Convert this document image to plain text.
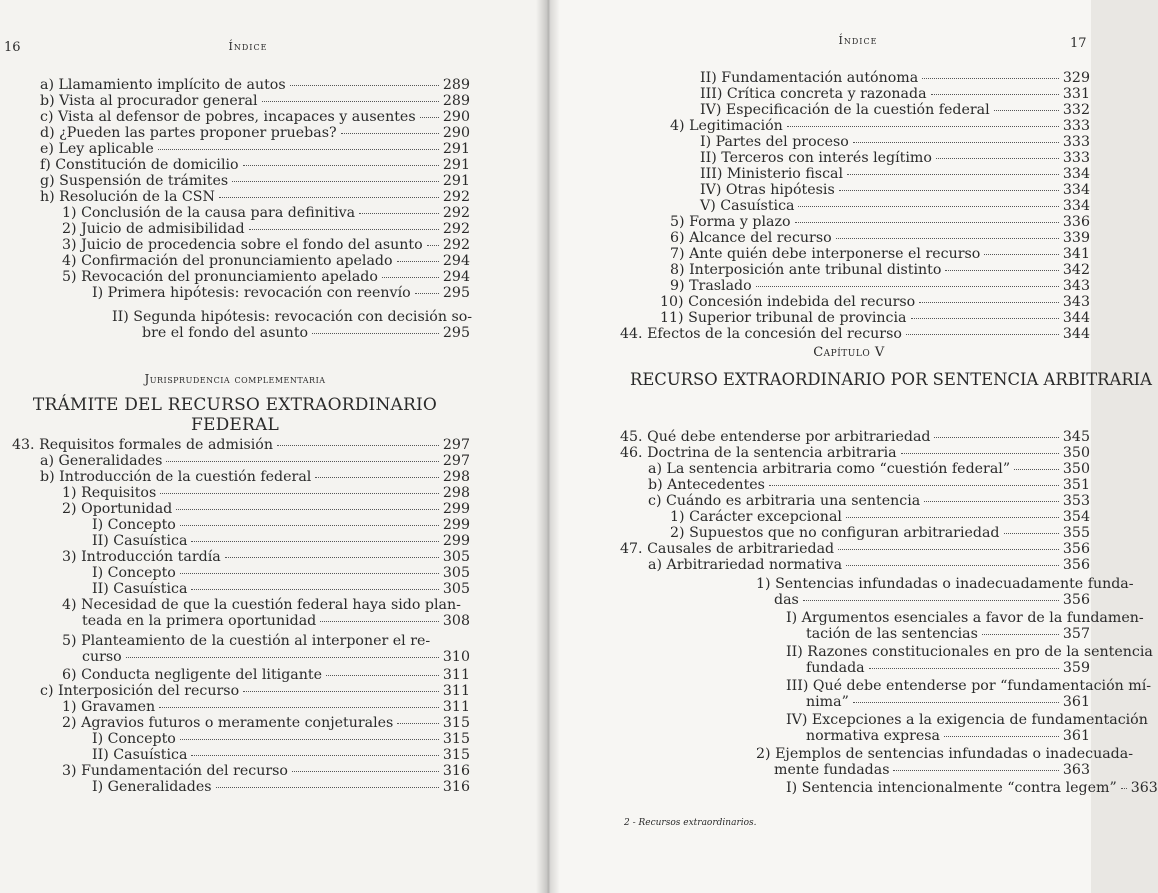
16	Índice
a) Llamamiento implícito de autos	289
b) Vista al procurador general	289
c) Vista al defensor de pobres, incapaces y ausentes 290
d) ¿Pueden las partes proponer pruebas?	290
e) Ley aplicable	291
f) Constitución de domicilio	291
g) Suspensión de trámites	291
h) Resolución de la CSN	292
1) Conclusión de la causa para definitiva	292
2) Juicio de admisibilidad	292
3) Juicio de procedencia sobre el fondo del asunto 292
4) Confirmación del pronunciamiento apelado	294
5) Revocación del pronunciamiento apelado	294
I) Primera hipótesis: revocación con reenvío 295
II) Segunda hipótesis: revocación con decisión so-
bre el fondo del asunto	295
Jurisprudencia complementaria
TRÁMITE DEL RECURSO EXTRAORDINARIO FEDERAL
43. Requisitos formales de admisión	297
a) Generalidades	297
b) Introducción de la cuestión federal	298
1) Requisitos	298
2) Oportunidad	299
I) Concepto	299
II) Casuística	299
3) Introducción tardía	305
I) Concepto	305
II) Casuística	305
4) Necesidad de que la cuestión federal haya sido plan-
teada en la primera oportunidad	308
5) Planteamiento de la cuestión al interponer el re-
curso	310
6) Conducta negligente del litigante	311
c) Interposición del recurso	311
1) Gravamen	311
2) Agravios futuros o meramente conjeturales	315
I) Concepto	315
II) Casuística	315
3) Fundamentación del recurso	316
I) Generalidades	316
17
Índice
II) Fundamentación autónoma	329
III) Crítica concreta y razonada	331
IV) Especificación de la cuestión federal	332
4) Legitimación	333
I) Partes del proceso	333
II) Terceros con interés legítimo	333
III) Ministerio fiscal	334
IV) Otras hipótesis	334
V) Casuística	334
5) Forma y plazo	336
6) Alcance del recurso	339
7) Ante quién debe interponerse el recurso	341
8) Interposición ante tribunal distinto	342
9) Traslado	343
10) Concesión indebida del recurso	343
11) Superior tribunal de provincia	344
44. Efectos de la concesión del recurso	344
Capítulo V
RECURSO EXTRAORDINARIO POR SENTENCIA ARBITRARIA
45. Qué debe entenderse por arbitrariedad	345
46. Doctrina de la sentencia arbitraria	350
a) La sentencia arbitraria como “cuestión federal”	350
b) Antecedentes	351
c) Cuándo es arbitraria una sentencia	353
1) Carácter excepcional	354
2) Supuestos que no configuran arbitrariedad	355
47. Causales de arbitrariedad	356
a) Arbitrariedad normativa	356
1) Sentencias infundadas o inadecuadamente funda-
das	356
I) Argumentos esenciales a favor de la fundamen-
tación de las sentencias	357
II) Razones constitucionales en pro de la sentencia
fundada	359
III) Qué debe entenderse por “fundamentación mí-
nima”	361
IV) Excepciones a la exigencia de fundamentación
normativa expresa	361
2) Ejemplos de sentencias infundadas o inadecuada-
mente fundadas	363
I) Sentencia intencionalmente “contra legem” 363
2 - Recursos extraordinarios.
